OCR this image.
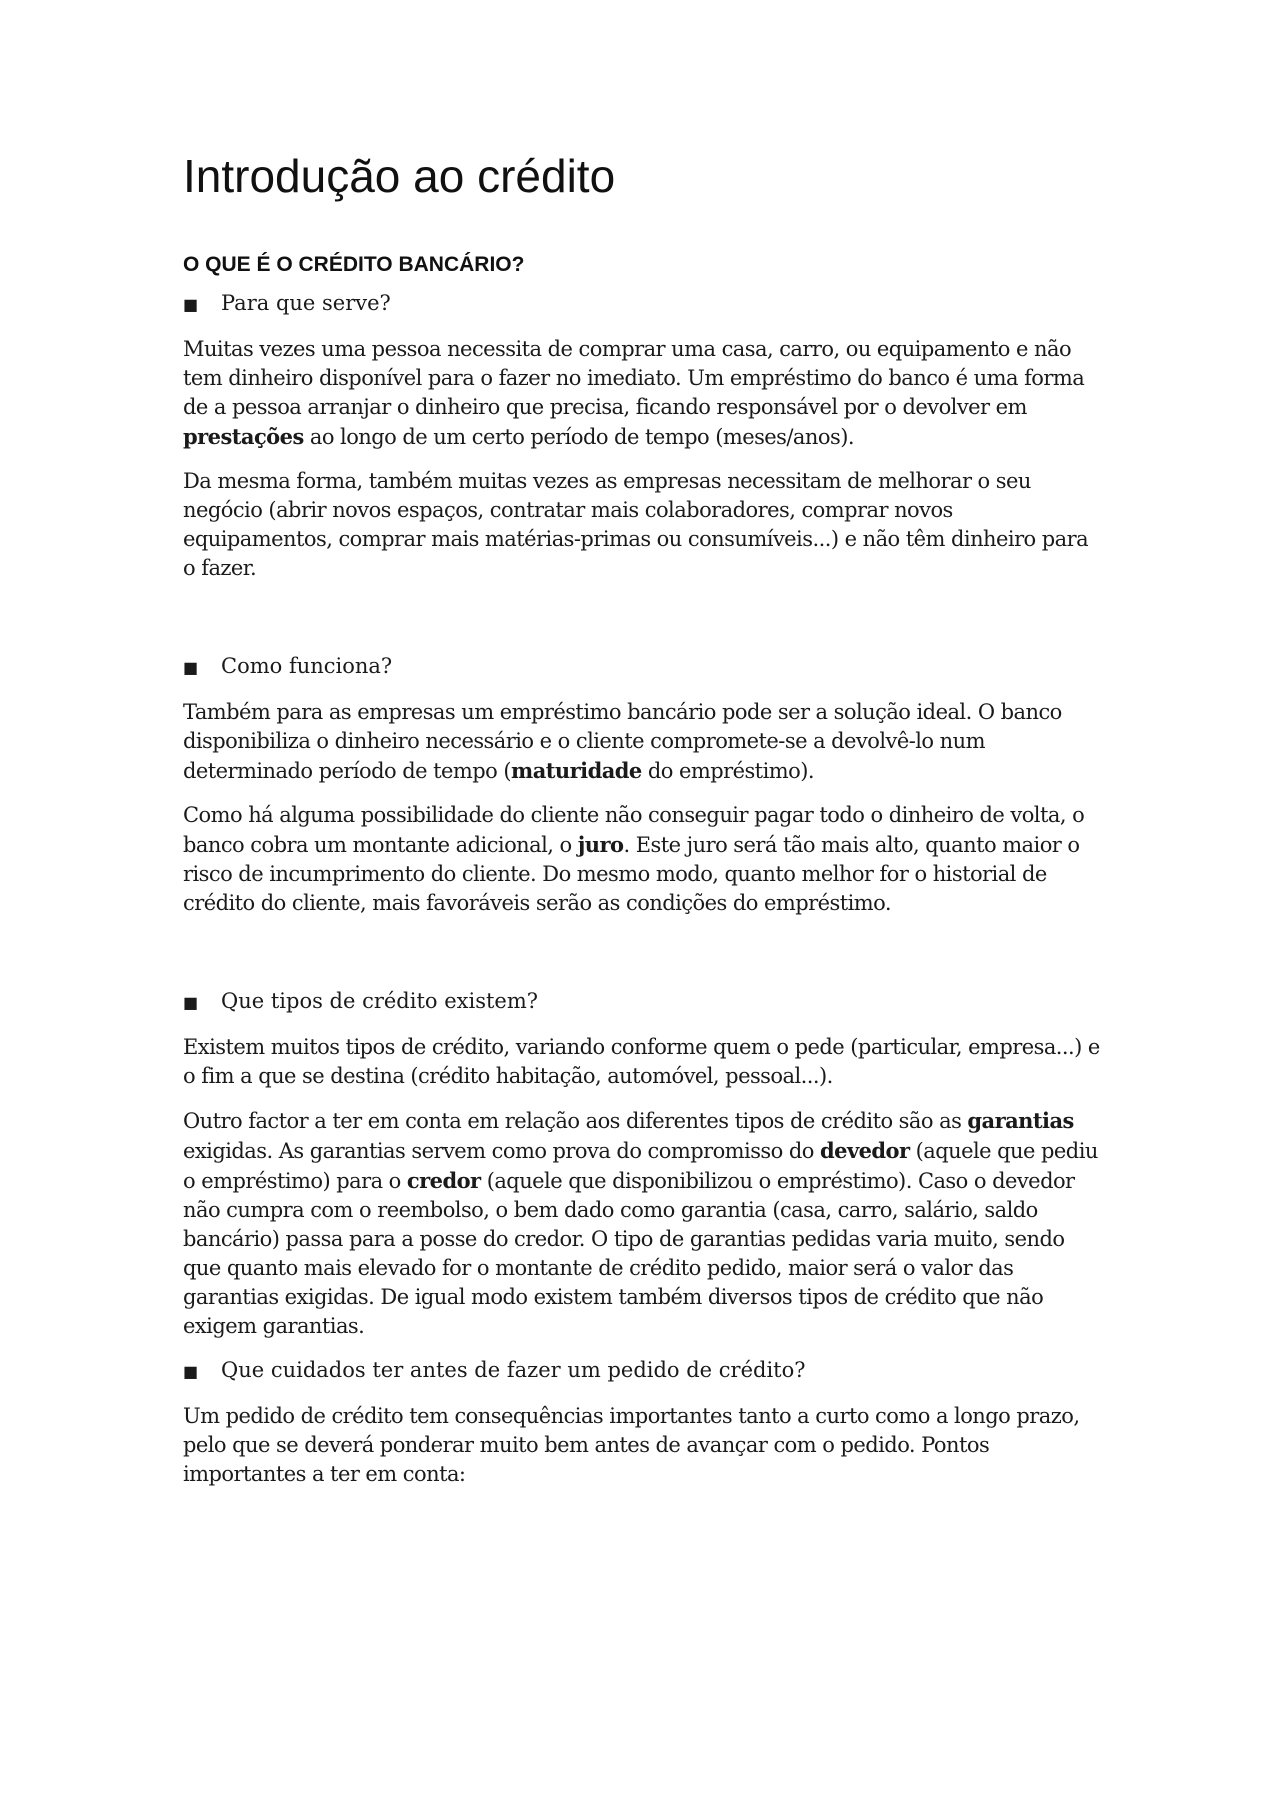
Introdução ao crédito
O QUE É O CRÉDITO BANCÁRIO?
■	Para que serve?

Muitas vezes uma pessoa necessita de comprar uma casa, carro, ou equipamento e não tem dinheiro disponível para o fazer no imediato. Um empréstimo do banco é uma forma de a pessoa arranjar o dinheiro que precisa, ficando responsável por o devolver em prestações ao longo de um certo período de tempo (meses/anos).

Da mesma forma, também muitas vezes as empresas necessitam de melhorar o seu negócio (abrir novos espaços, contratar mais colaboradores, comprar novos equipamentos, comprar mais matérias-primas ou consumíveis...) e não têm dinheiro para o fazer.

■	Como funciona?

Também para as empresas um empréstimo bancário pode ser a solução ideal. O banco disponibiliza o dinheiro necessário e o cliente compromete-se a devolvê-lo num determinado período de tempo (maturidade do empréstimo).

Como há alguma possibilidade do cliente não conseguir pagar todo o dinheiro de volta, o banco cobra um montante adicional, o juro. Este juro será tão mais alto, quanto maior o risco de incumprimento do cliente. Do mesmo modo, quanto melhor for o historial de crédito do cliente, mais favoráveis serão as condições do empréstimo.

■	Que tipos de crédito existem?

Existem muitos tipos de crédito, variando conforme quem o pede (particular, empresa...) e o fim a que se destina (crédito habitação, automóvel, pessoal...).

Outro factor a ter em conta em relação aos diferentes tipos de crédito são as garantias exigidas. As garantias servem como prova do compromisso do devedor (aquele que pediu o empréstimo) para o credor (aquele que disponibilizou o empréstimo). Caso o devedor não cumpra com o reembolso, o bem dado como garantia (casa, carro, salário, saldo bancário) passa para a posse do credor. O tipo de garantias pedidas varia muito, sendo que quanto mais elevado for o montante de crédito pedido, maior será o valor das garantias exigidas. De igual modo existem também diversos tipos de crédito que não exigem garantias.

■	Que cuidados ter antes de fazer um pedido de crédito?

Um pedido de crédito tem consequências importantes tanto a curto como a longo prazo, pelo que se deverá ponderar muito bem antes de avançar com o pedido. Pontos importantes a ter em conta:
